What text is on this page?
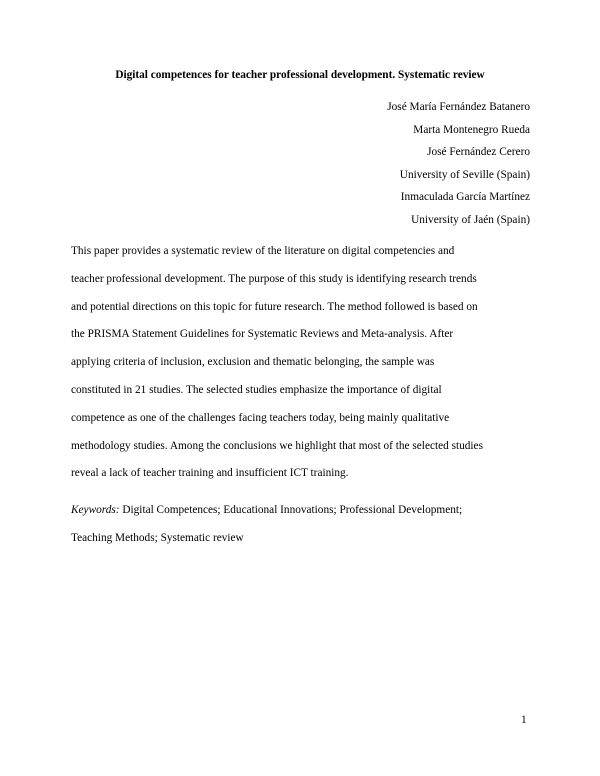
Digital competences for teacher professional development. Systematic review
José María Fernández Batanero
Marta Montenegro Rueda
José Fernández Cerero
University of Seville (Spain)
Inmaculada García Martínez
University of Jaén (Spain)
This paper provides a systematic review of the literature on digital competencies and
teacher professional development. The purpose of this study is identifying research trends
and potential directions on this topic for future research. The method followed is based on
the PRISMA Statement Guidelines for Systematic Reviews and Meta-analysis. After
applying criteria of inclusion, exclusion and thematic belonging, the sample was
constituted in 21 studies. The selected studies emphasize the importance of digital
competence as one of the challenges facing teachers today, being mainly qualitative
methodology studies. Among the conclusions we highlight that most of the selected studies
reveal a lack of teacher training and insufficient ICT training.
Keywords: Digital Competences; Educational Innovations; Professional Development;
Teaching Methods; Systematic review
1
